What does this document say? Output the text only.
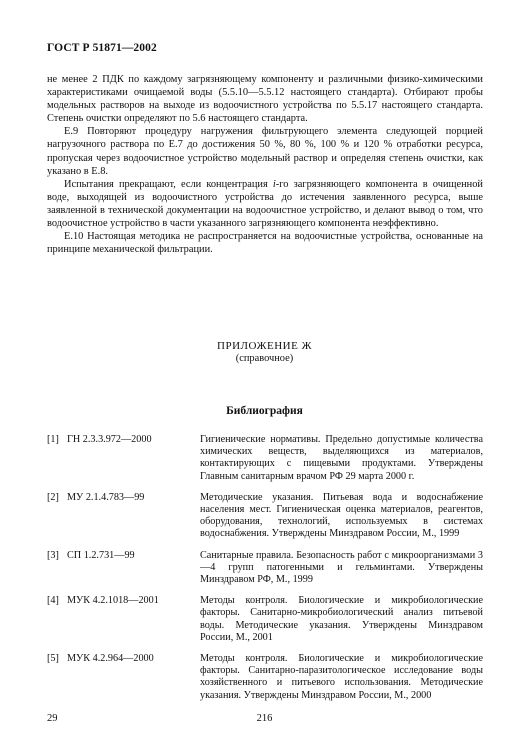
ГОСТ Р 51871—2002

не менее 2 ПДК по каждому загрязняющему компоненту и различными физико-химическими характеристиками очищаемой воды (5.5.10—5.5.12 настоящего стандарта). Отбирают пробы модельных растворов на выходе из водоочистного устройства по 5.5.17 настоящего стандарта. Степень очистки определяют по 5.6 настоящего стандарта.

Е.9 Повторяют процедуру нагружения фильтрующего элемента следующей порцией нагрузочного раствора по Е.7 до достижения 50 %, 80 %, 100 % и 120 % отработки ресурса, пропуская через водоочистное устройство модельный раствор и определяя степень очистки, как указано в Е.8.

Испытания прекращают, если концентрация i-го загрязняющего компонента в очищенной воде, выходящей из водоочистного устройства до истечения заявленного ресурса, выше заявленной в технической документации на водоочистное устройство, и делают вывод о том, что водоочистное устройство в части указанного загрязняющего компонента неэффективно.

Е.10 Настоящая методика не распространяется на водоочистные устройства, основанные на принципе механической фильтрации.

ПРИЛОЖЕНИЕ Ж
(справочное)
Библиография
[1] ГН 2.3.3.972—2000	Гигиенические нормативы. Предельно допустимые количества химических веществ, выделяющихся из материалов, контактирующих с пищевыми продуктами. Утверждены Главным санитарным врачом РФ 29 марта 2000 г.
[2] МУ 2.1.4.783—99	Методические указания. Питьевая вода и водоснабжение населения мест. Гигиеническая оценка материалов, реагентов, оборудования, технологий, используемых в системах водоснабжения. Утверждены Минздравом России, М., 1999
[3] СП 1.2.731—99	Санитарные правила. Безопасность работ с микроорганизмами 3—4 групп патогенными и гельминтами. Утверждены Минздравом РФ, М., 1999
[4] МУК 4.2.1018—2001	Методы контроля. Биологические и микробиологические факторы. Санитарно-микробиологический анализ питьевой воды. Методические указания. Утверждены Минздравом России, М., 2001
[5] МУК 4.2.964—2000	Методы контроля. Биологические и микробиологические факторы. Санитарно-паразитологическое исследование воды хозяйственного и питьевого использования. Методические указания. Утверждены Минздравом России, М., 2000
29	216
